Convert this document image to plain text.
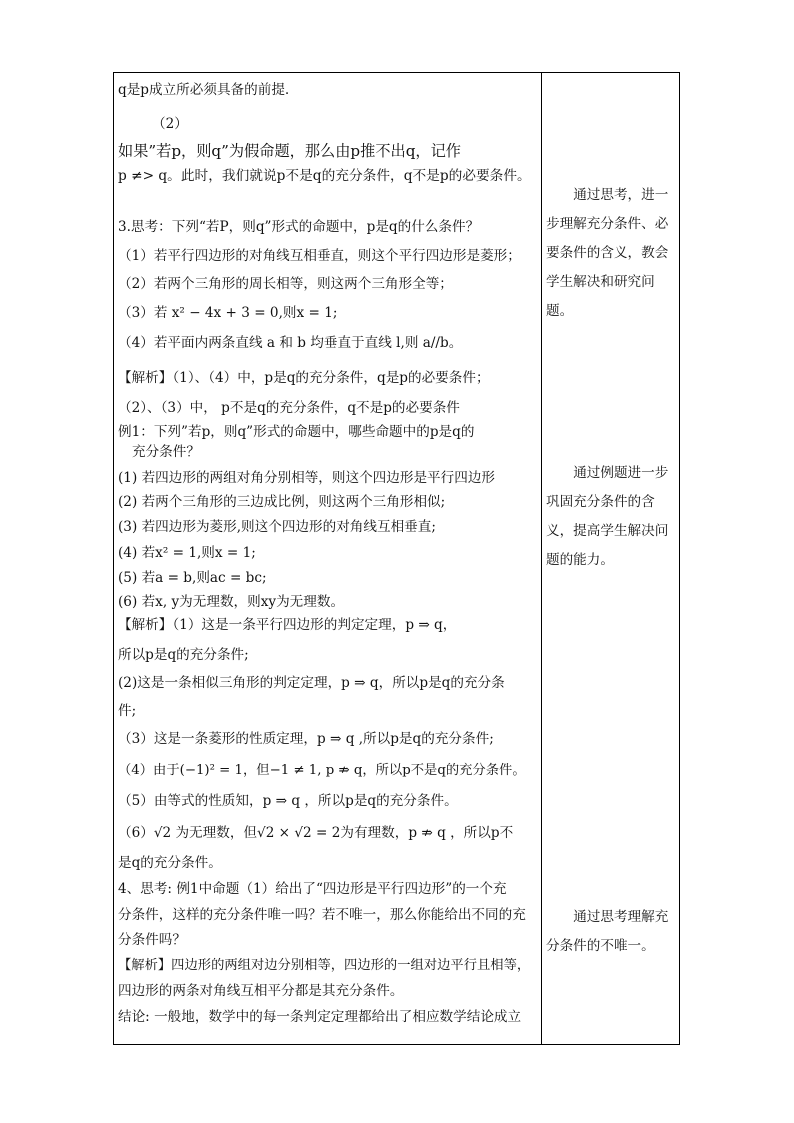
q是p成立所必须具备的前提.
（2）
如果”若p，则q”为假命题，那么由p推不出q，记作
p ≠> q。此时，我们就说p不是q的充分条件，q不是p的必要条件。
3.思考：下列“若P，则q”形式的命题中，p是q的什么条件？
（1）若平行四边形的对角线互相垂直，则这个平行四边形是菱形；
（2）若两个三角形的周长相等，则这两个三角形全等；
（3）若 x² − 4x + 3 = 0,则x = 1;
（4）若平面内两条直线 a 和 b 均垂直于直线 l,则 a//b。
【解析】（1）、（4）中，p是q的充分条件，q是p的必要条件；
（2）、（3）中， p不是q的充分条件，q不是p的必要条件
例1：下列”若p，则q”形式的命题中，哪些命题中的p是q的
充分条件？
(1) 若四边形的两组对角分别相等，则这个四边形是平行四边形
(2) 若两个三角形的三边成比例，则这两个三角形相似;
(3) 若四边形为菱形,则这个四边形的对角线互相垂直;
(4) 若x² = 1,则x = 1;
(5) 若a = b,则ac = bc;
(6) 若x, y为无理数，则xy为无理数。
【解析】（1）这是一条平行四边形的判定定理，p ⇒ q，
所以p是q的充分条件;
(2)这是一条相似三角形的判定定理，p ⇒ q，所以p是q的充分条
件;
（3）这是一条菱形的性质定理，p ⇒ q ,所以p是q的充分条件;
（4）由于(−1)² = 1，但−1 ≠ 1, p ⇏ q，所以p不是q的充分条件。
（5）由等式的性质知，p ⇒ q ，所以p是q的充分条件。
（6）√2 为无理数，但√2 × √2 = 2为有理数，p ⇏ q ，所以p不
是q的充分条件。
4、思考: 例1中命题（1）给出了“四边形是平行四边形”的一个充
分条件，这样的充分条件唯一吗？若不唯一，那么你能给出不同的充
分条件吗？
【解析】四边形的两组对边分别相等，四边形的一组对边平行且相等，
四边形的两条对角线互相平分都是其充分条件。
结论: 一般地，数学中的每一条判定定理都给出了相应数学结论成立
通过思考，进一步理解充分条件、必要条件的含义，教会学生解决和研究问题。
通过例题进一步巩固充分条件的含义，提高学生解决问题的能力。
通过思考理解充分条件的不唯一。
